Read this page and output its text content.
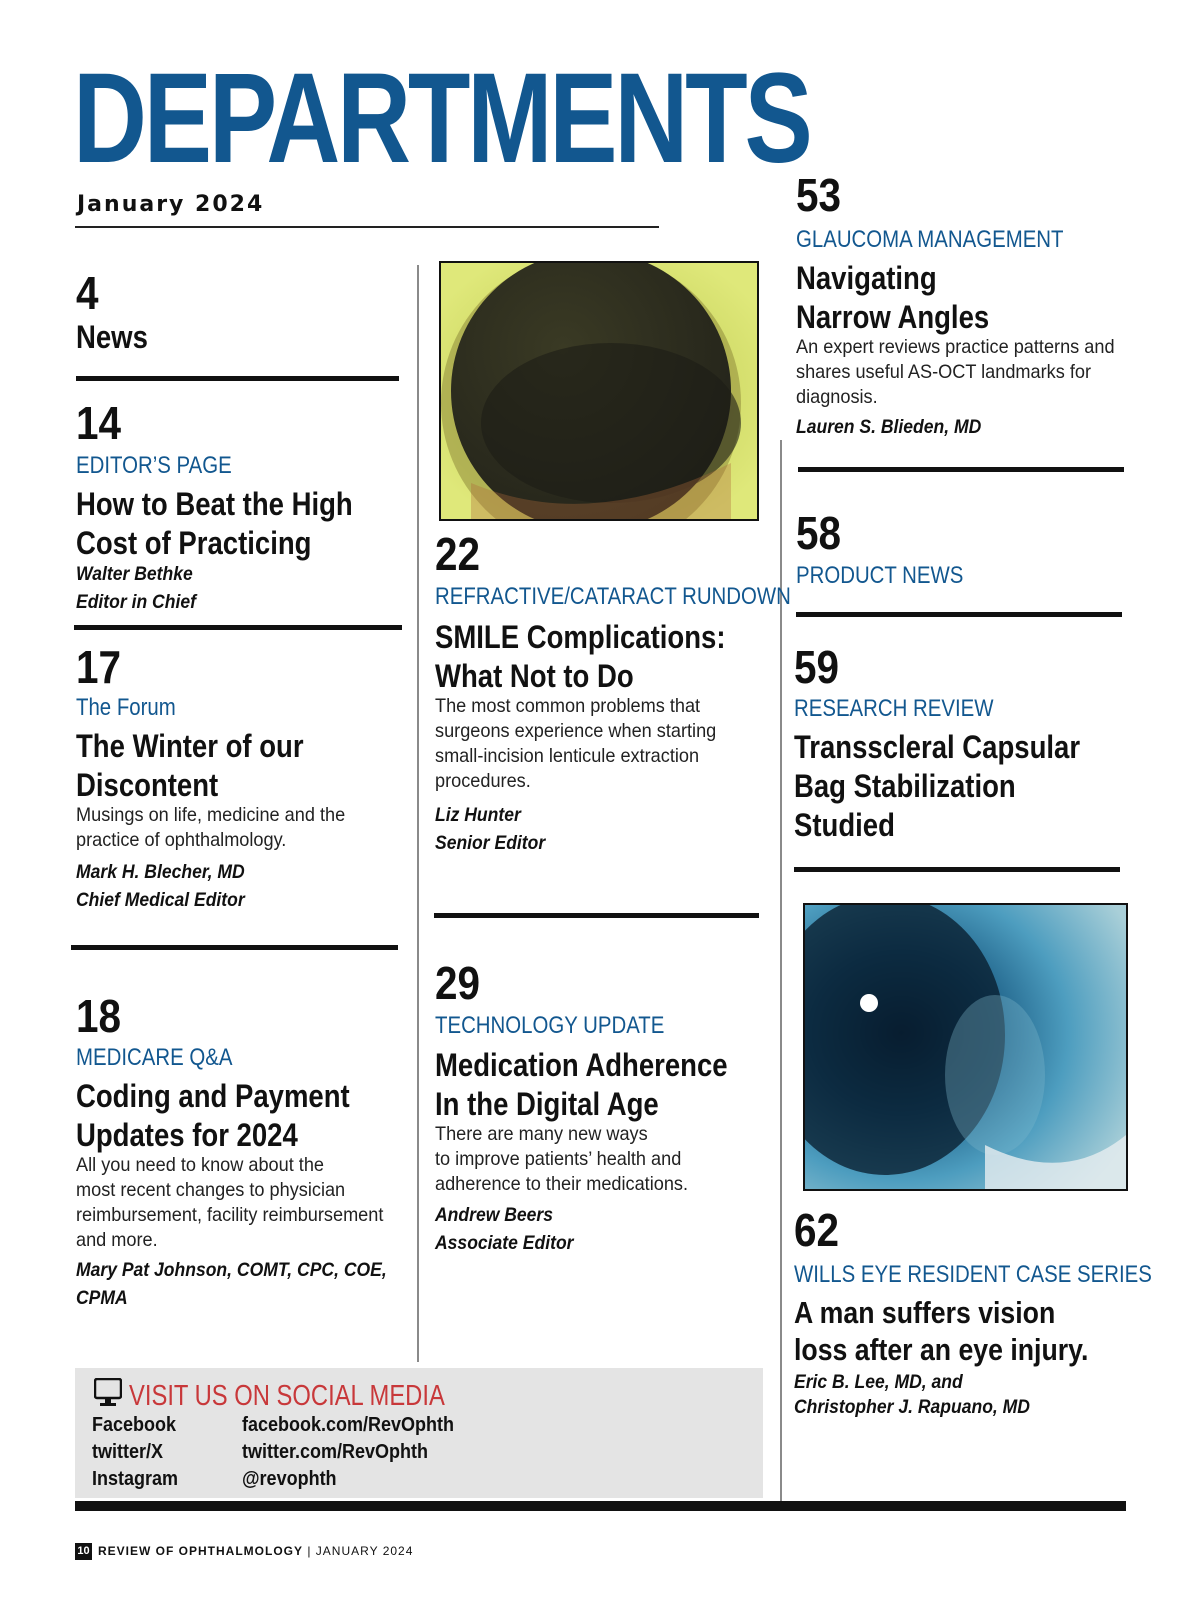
DEPARTMENTS
January 2024
4
News
14
EDITOR’S PAGE
How to Beat the High
Cost of Practicing
Walter Bethke
Editor in Chief
17
The Forum
The Winter of our
Discontent
Musings on life, medicine and the
practice of ophthalmology.
Mark H. Blecher, MD
Chief Medical Editor
18
MEDICARE Q&A
Coding and Payment
Updates for 2024
All you need to know about the
most recent changes to physician
reimbursement, facility reimbursement
and more.
Mary Pat Johnson, COMT, CPC, COE,
CPMA
22
REFRACTIVE/CATARACT RUNDOWN
SMILE Complications:
What Not to Do
The most common problems that
surgeons experience when starting
small-incision lenticule extraction
procedures.
Liz Hunter
Senior Editor
29
TECHNOLOGY UPDATE
Medication Adherence
In the Digital Age
There are many new ways
to improve patients’ health and
adherence to their medications.
Andrew Beers
Associate Editor
53
GLAUCOMA MANAGEMENT
Navigating
Narrow Angles
An expert reviews practice patterns and
shares useful AS-OCT landmarks for
diagnosis.
Lauren S. Blieden, MD
58
PRODUCT NEWS
59
RESEARCH REVIEW
Transscleral Capsular
Bag Stabilization
Studied
62
WILLS EYE RESIDENT CASE SERIES
A man suffers vision
loss after an eye injury.
Eric B. Lee, MD, and
Christopher J. Rapuano, MD
VISIT US ON SOCIAL MEDIA
Facebook	facebook.com/RevOphth
twitter/X	twitter.com/RevOphth
Instagram	@revophth
10 REVIEW OF OPHTHALMOLOGY | JANUARY 2024
